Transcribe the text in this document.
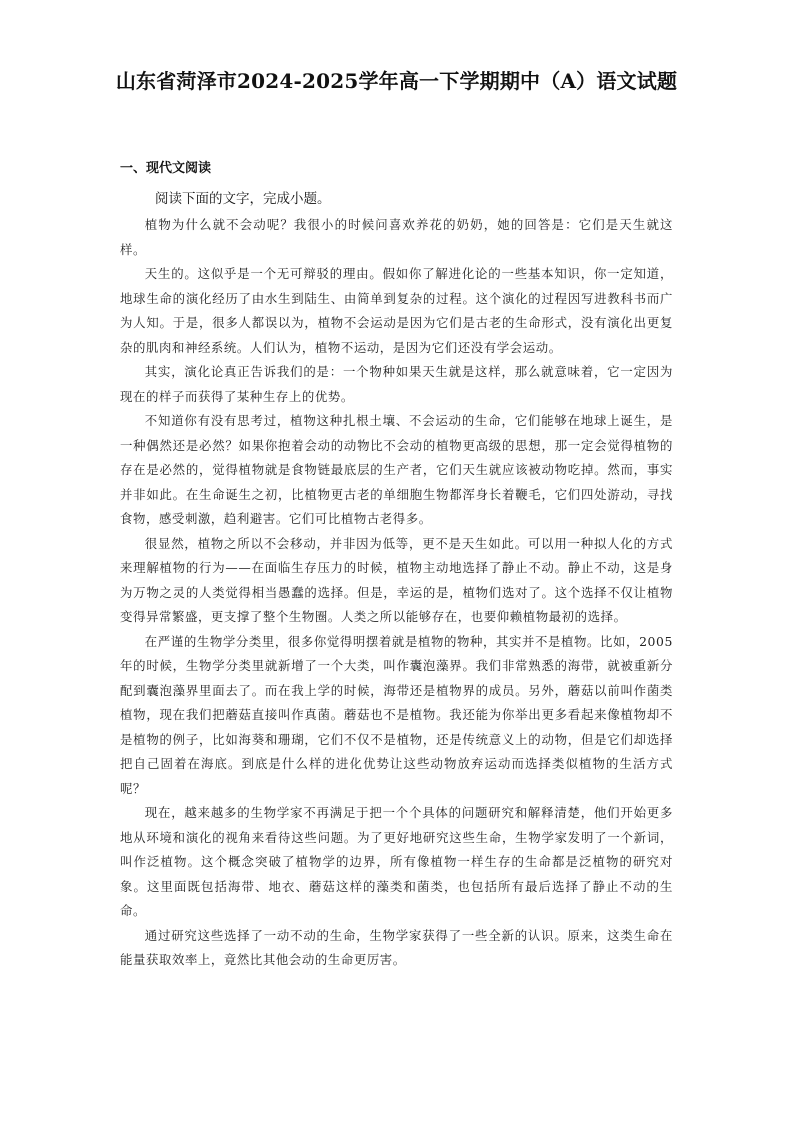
山东省菏泽市2024-2025学年高一下学期期中（A）语文试题
一、现代文阅读
阅读下面的文字，完成小题。

植物为什么就不会动呢？我很小的时候问喜欢养花的奶奶，她的回答是：它们是天生就这样。

天生的。这似乎是一个无可辩驳的理由。假如你了解进化论的一些基本知识，你一定知道，地球生命的演化经历了由水生到陆生、由简单到复杂的过程。这个演化的过程因写进教科书而广为人知。于是，很多人都误以为，植物不会运动是因为它们是古老的生命形式，没有演化出更复杂的肌肉和神经系统。人们认为，植物不运动，是因为它们还没有学会运动。

其实，演化论真正告诉我们的是：一个物种如果天生就是这样，那么就意味着，它一定因为现在的样子而获得了某种生存上的优势。

不知道你有没有思考过，植物这种扎根土壤、不会运动的生命，它们能够在地球上诞生，是一种偶然还是必然？如果你抱着会动的动物比不会动的植物更高级的思想，那一定会觉得植物的存在是必然的，觉得植物就是食物链最底层的生产者，它们天生就应该被动物吃掉。然而，事实并非如此。在生命诞生之初，比植物更古老的单细胞生物都浑身长着鞭毛，它们四处游动，寻找食物，感受刺激，趋利避害。它们可比植物古老得多。

很显然，植物之所以不会移动，并非因为低等，更不是天生如此。可以用一种拟人化的方式来理解植物的行为——在面临生存压力的时候，植物主动地选择了静止不动。静止不动，这是身为万物之灵的人类觉得相当愚蠢的选择。但是，幸运的是，植物们选对了。这个选择不仅让植物变得异常繁盛，更支撑了整个生物圈。人类之所以能够存在，也要仰赖植物最初的选择。

在严谨的生物学分类里，很多你觉得明摆着就是植物的物种，其实并不是植物。比如，2005年的时候，生物学分类里就新增了一个大类，叫作囊泡藻界。我们非常熟悉的海带，就被重新分配到囊泡藻界里面去了。而在我上学的时候，海带还是植物界的成员。另外，蘑菇以前叫作菌类植物，现在我们把蘑菇直接叫作真菌。蘑菇也不是植物。我还能为你举出更多看起来像植物却不是植物的例子，比如海葵和珊瑚，它们不仅不是植物，还是传统意义上的动物，但是它们却选择把自己固着在海底。到底是什么样的进化优势让这些动物放弃运动而选择类似植物的生活方式呢？

现在，越来越多的生物学家不再满足于把一个个具体的问题研究和解释清楚，他们开始更多地从环境和演化的视角来看待这些问题。为了更好地研究这些生命，生物学家发明了一个新词，叫作泛植物。这个概念突破了植物学的边界，所有像植物一样生存的生命都是泛植物的研究对象。这里面既包括海带、地衣、蘑菇这样的藻类和菌类，也包括所有最后选择了静止不动的生命。

通过研究这些选择了一动不动的生命，生物学家获得了一些全新的认识。原来，这类生命在能量获取效率上，竟然比其他会动的生命更厉害。
